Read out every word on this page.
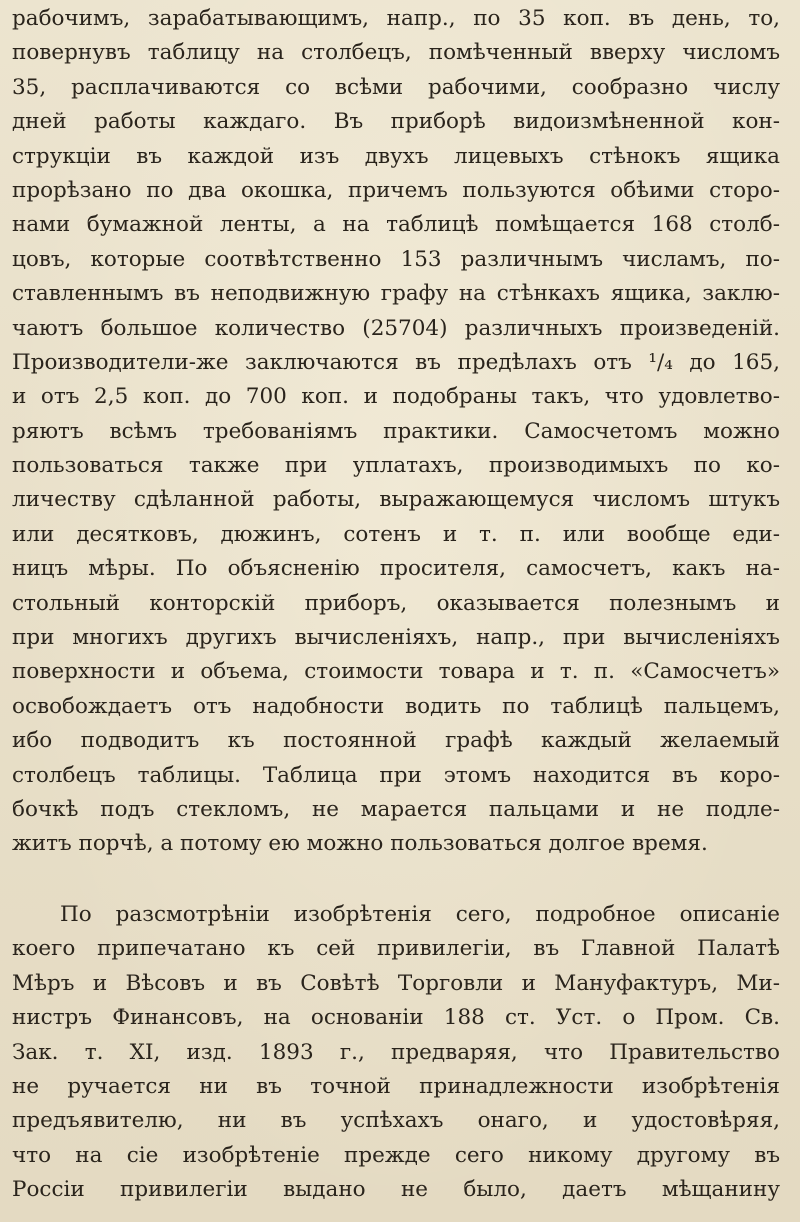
рабочимъ, зарабатывающимъ, напр., по 35 коп. въ день, то,
повернувъ таблицу на столбецъ, помѣченный вверху числомъ
35, расплачиваются со всѣми рабочими, сообразно числу
дней работы каждаго. Въ приборѣ видоизмѣненной кон-
струкціи въ каждой изъ двухъ лицевыхъ стѣнокъ ящика
прорѣзано по два окошка, причемъ пользуются обѣими сторо-
нами бумажной ленты, а на таблицѣ помѣщается 168 столб-
цовъ, которые соотвѣтственно 153 различнымъ числамъ, по-
ставленнымъ въ неподвижную графу на стѣнкахъ ящика, заклю-
чаютъ большое количество (25704) различныхъ произведеній.
Производители-же заключаются въ предѣлахъ отъ ¹/₄ до 165,
и отъ 2,5 коп. до 700 коп. и подобраны такъ, что удовлетво-
ряютъ всѣмъ требованіямъ практики. Самосчетомъ можно
пользоваться также при уплатахъ, производимыхъ по ко-
личеству сдѣланной работы, выражающемуся числомъ штукъ
или десятковъ, дюжинъ, сотенъ и т. п. или вообще еди-
ницъ мѣры. По объясненію просителя, самосчетъ, какъ на-
стольный конторскій приборъ, оказывается полезнымъ и
при многихъ другихъ вычисленіяхъ, напр., при вычисленіяхъ
поверхности и объема, стоимости товара и т. п. «Самосчетъ»
освобождаетъ отъ надобности водить по таблицѣ пальцемъ,
ибо подводитъ къ постоянной графѣ каждый желаемый
столбецъ таблицы. Таблица при этомъ находится въ коро-
бочкѣ подъ стекломъ, не марается пальцами и не подле-
житъ порчѣ, а потому ею можно пользоваться долгое время.
По разсмотрѣніи изобрѣтенія сего, подробное описаніе
коего припечатано къ сей привилегіи, въ Главной Палатѣ
Мѣръ и Вѣсовъ и въ Совѣтѣ Торговли и Мануфактуръ, Ми-
нистръ Финансовъ, на основаніи 188 ст. Уст. о Пром. Св.
Зак. т. XI, изд. 1893 г., предваряя, что Правительство
не ручается ни въ точной принадлежности изобрѣтенія
предъявителю, ни въ успѣхахъ онаго, и удостовѣряя,
что на сіе изобрѣтеніе прежде сего никому другому въ
Россіи привилегіи выдано не было, даетъ мѣщанину
